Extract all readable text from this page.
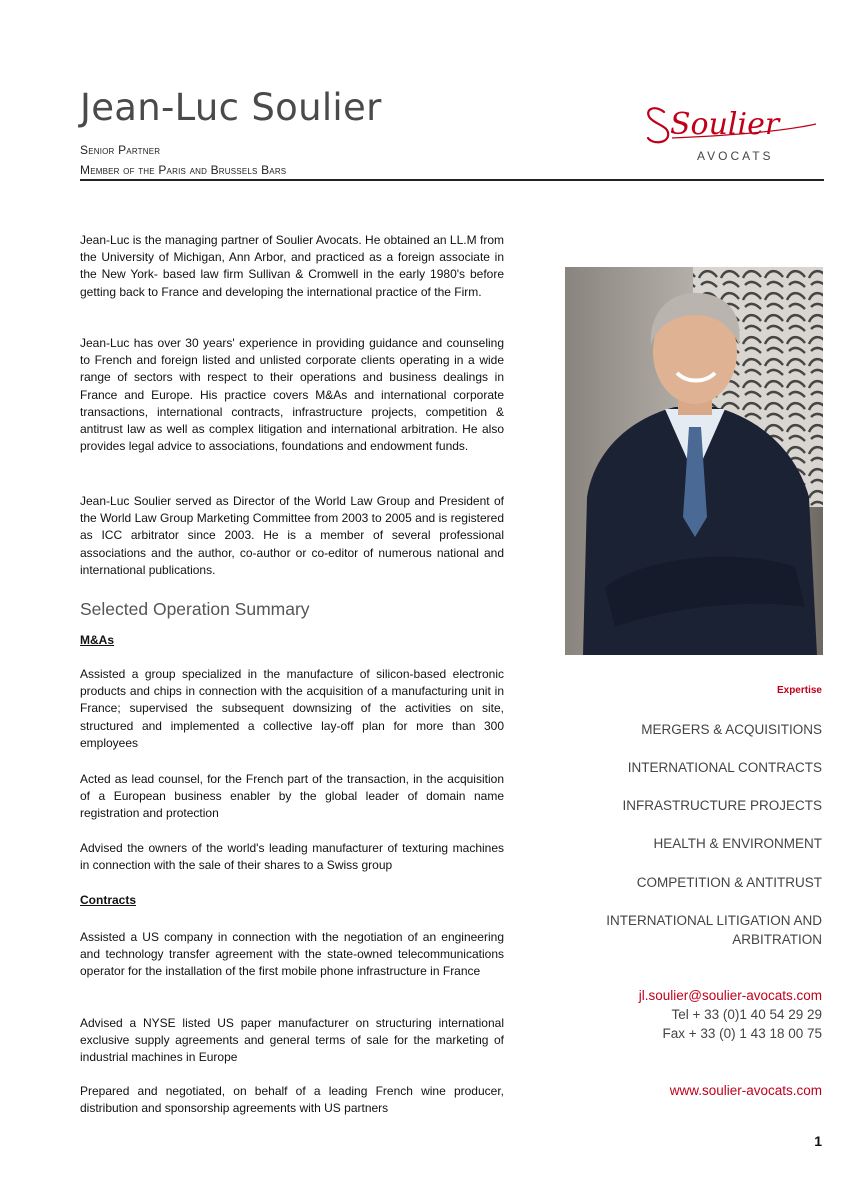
Jean-Luc Soulier
Senior Partner
Member of the Paris and Brussels Bars
Soulier
AVOCATS

Jean-Luc is the managing partner of Soulier Avocats. He obtained an LL.M from the University of Michigan, Ann Arbor, and practiced as a foreign associate in the New York- based law firm Sullivan & Cromwell in the early 1980's before getting back to France and developing the international practice of the Firm.

Jean-Luc has over 30 years' experience in providing guidance and counseling to French and foreign listed and unlisted corporate clients operating in a wide range of sectors with respect to their operations and business dealings in France and Europe. His practice covers M&As and international corporate transactions, international contracts, infrastructure projects, competition & antitrust law as well as complex litigation and international arbitration. He also provides legal advice to associations, foundations and endowment funds.

Jean-Luc Soulier served as Director of the World Law Group and President of the World Law Group Marketing Committee from 2003 to 2005 and is registered as ICC arbitrator since 2003. He is a member of several professional associations and the author, co-author or co-editor of numerous national and international publications.

Selected Operation Summary
M&As

Assisted a group specialized in the manufacture of silicon-based electronic products and chips in connection with the acquisition of a manufacturing unit in France; supervised the subsequent downsizing of the activities on site, structured and implemented a collective lay-off plan for more than 300 employees

Acted as lead counsel, for the French part of the transaction, in the acquisition of a European business enabler by the global leader of domain name registration and protection

Advised the owners of the world's leading manufacturer of texturing machines in connection with the sale of their shares to a Swiss group

Contracts

Assisted a US company in connection with the negotiation of an engineering and technology transfer agreement with the state-owned telecommunications operator for the installation of the first mobile phone infrastructure in France

Advised a NYSE listed US paper manufacturer on structuring international exclusive supply agreements and general terms of sale for the marketing of industrial machines in Europe

Prepared and negotiated, on behalf of a leading French wine producer, distribution and sponsorship agreements with US partners

Expertise
MERGERS & ACQUISITIONS
INTERNATIONAL CONTRACTS
INFRASTRUCTURE PROJECTS
HEALTH & ENVIRONMENT
COMPETITION & ANTITRUST
INTERNATIONAL LITIGATION AND
ARBITRATION
jl.soulier@soulier-avocats.com
Tel + 33 (0)1 40 54 29 29
Fax + 33 (0) 1 43 18 00 75
www.soulier-avocats.com
1
